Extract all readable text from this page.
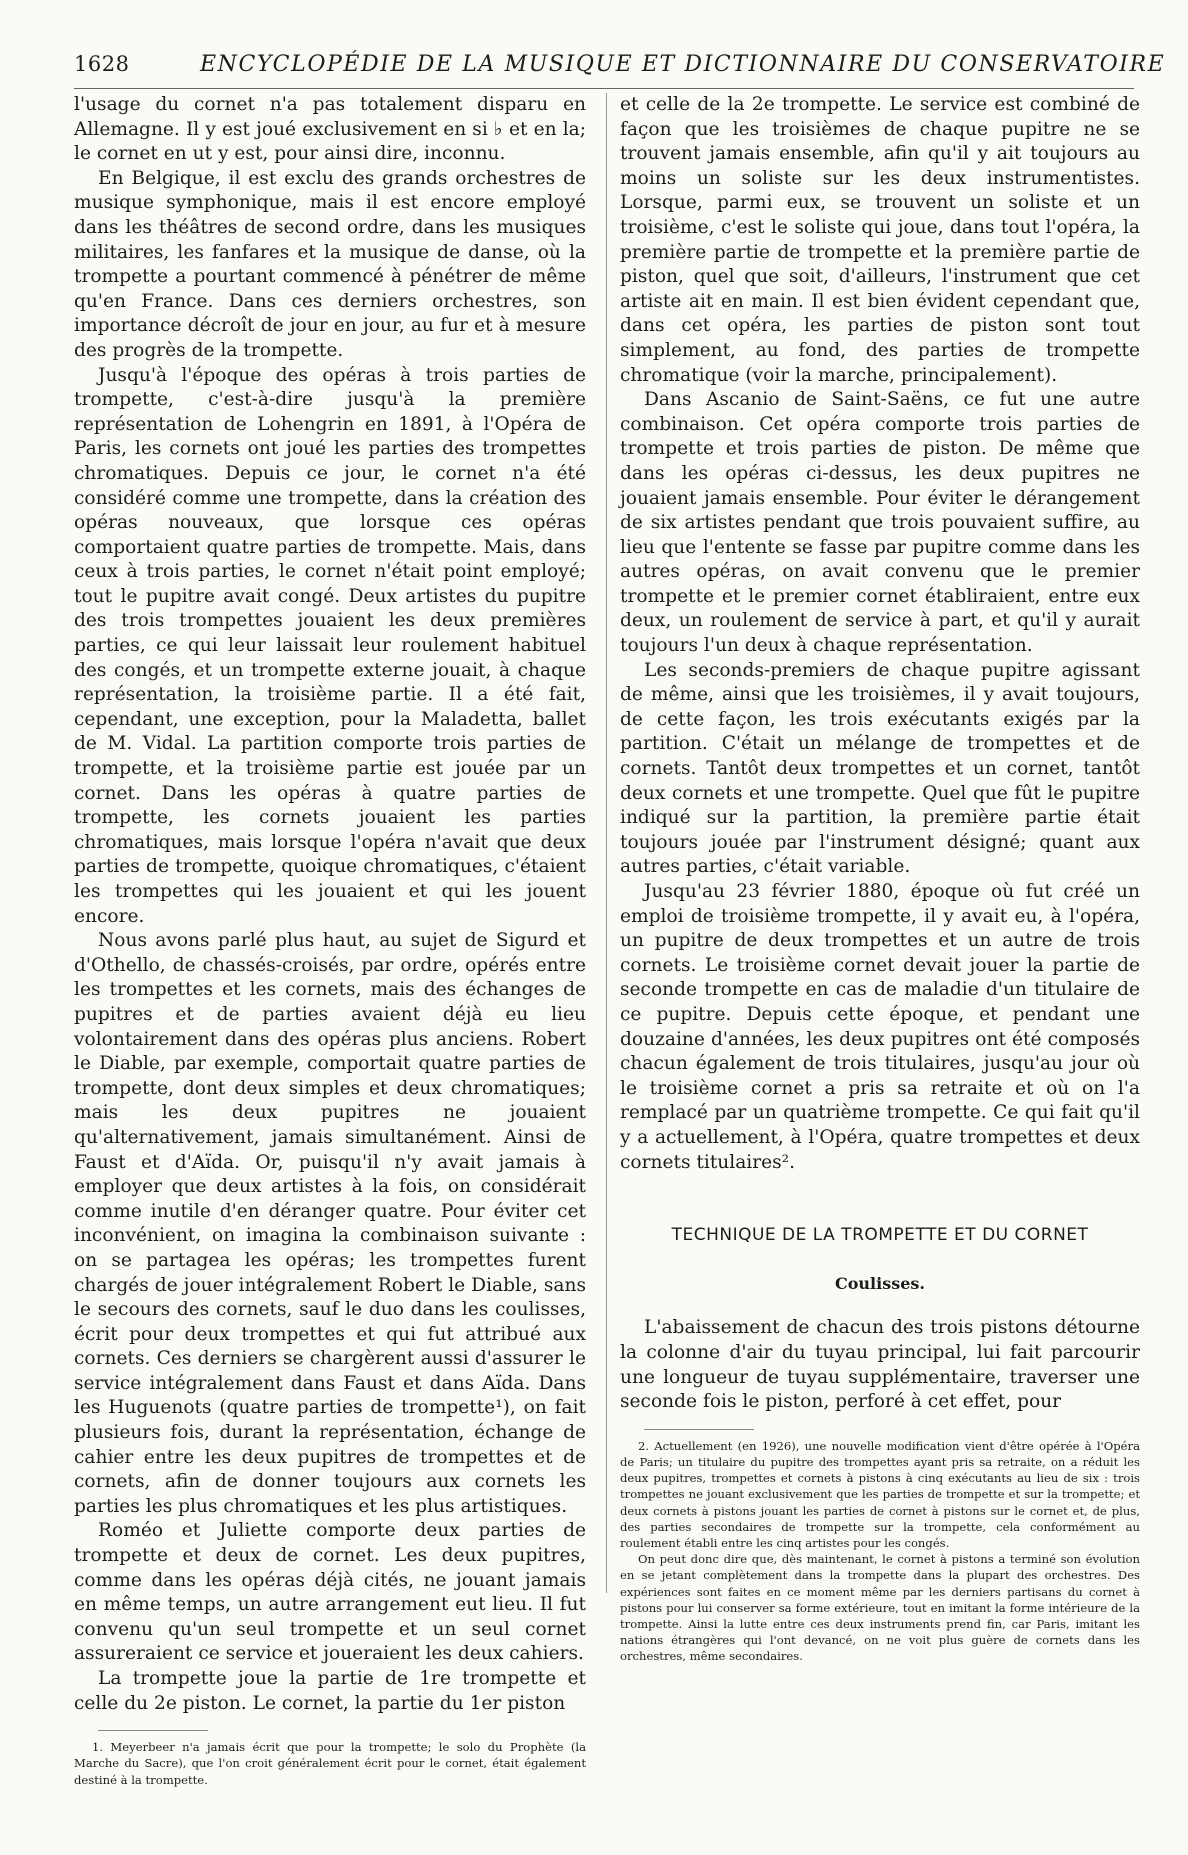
1628	ENCYCLOPÉDIE DE LA MUSIQUE ET DICTIONNAIRE DU CONSERVATOIRE

l'usage du cornet n'a pas totalement disparu en Allemagne. Il y est joué exclusivement en si ♭ et en la; le cornet en ut y est, pour ainsi dire, inconnu.

En Belgique, il est exclu des grands orchestres de musique symphonique, mais il est encore employé dans les théâtres de second ordre, dans les musiques militaires, les fanfares et la musique de danse, où la trompette a pourtant commencé à pénétrer de même qu'en France. Dans ces derniers orchestres, son importance décroît de jour en jour, au fur et à mesure des progrès de la trompette.

Jusqu'à l'époque des opéras à trois parties de trompette, c'est-à-dire jusqu'à la première représentation de Lohengrin en 1891, à l'Opéra de Paris, les cornets ont joué les parties des trompettes chromatiques. Depuis ce jour, le cornet n'a été considéré comme une trompette, dans la création des opéras nouveaux, que lorsque ces opéras comportaient quatre parties de trompette. Mais, dans ceux à trois parties, le cornet n'était point employé; tout le pupitre avait congé. Deux artistes du pupitre des trois trompettes jouaient les deux premières parties, ce qui leur laissait leur roulement habituel des congés, et un trompette externe jouait, à chaque représentation, la troisième partie. Il a été fait, cependant, une exception, pour la Maladetta, ballet de M. Vidal. La partition comporte trois parties de trompette, et la troisième partie est jouée par un cornet. Dans les opéras à quatre parties de trompette, les cornets jouaient les parties chromatiques, mais lorsque l'opéra n'avait que deux parties de trompette, quoique chromatiques, c'étaient les trompettes qui les jouaient et qui les jouent encore.

Nous avons parlé plus haut, au sujet de Sigurd et d'Othello, de chassés-croisés, par ordre, opérés entre les trompettes et les cornets, mais des échanges de pupitres et de parties avaient déjà eu lieu volontairement dans des opéras plus anciens. Robert le Diable, par exemple, comportait quatre parties de trompette, dont deux simples et deux chromatiques; mais les deux pupitres ne jouaient qu'alternativement, jamais simultanément. Ainsi de Faust et d'Aïda. Or, puisqu'il n'y avait jamais à employer que deux artistes à la fois, on considérait comme inutile d'en déranger quatre. Pour éviter cet inconvénient, on imagina la combinaison suivante : on se partagea les opéras; les trompettes furent chargés de jouer intégralement Robert le Diable, sans le secours des cornets, sauf le duo dans les coulisses, écrit pour deux trompettes et qui fut attribué aux cornets. Ces derniers se chargèrent aussi d'assurer le service intégralement dans Faust et dans Aïda. Dans les Huguenots (quatre parties de trompette¹), on fait plusieurs fois, durant la représentation, échange de cahier entre les deux pupitres de trompettes et de cornets, afin de donner toujours aux cornets les parties les plus chromatiques et les plus artistiques.

Roméo et Juliette comporte deux parties de trompette et deux de cornet. Les deux pupitres, comme dans les opéras déjà cités, ne jouant jamais en même temps, un autre arrangement eut lieu. Il fut convenu qu'un seul trompette et un seul cornet assureraient ce service et joueraient les deux cahiers.

La trompette joue la partie de 1re trompette et celle du 2e piston. Le cornet, la partie du 1er piston

1. Meyerbeer n'a jamais écrit que pour la trompette; le solo du Prophète (la Marche du Sacre), que l'on croit généralement écrit pour le cornet, était également destiné à la trompette.

et celle de la 2e trompette. Le service est combiné de façon que les troisièmes de chaque pupitre ne se trouvent jamais ensemble, afin qu'il y ait toujours au moins un soliste sur les deux instrumentistes. Lorsque, parmi eux, se trouvent un soliste et un troisième, c'est le soliste qui joue, dans tout l'opéra, la première partie de trompette et la première partie de piston, quel que soit, d'ailleurs, l'instrument que cet artiste ait en main. Il est bien évident cependant que, dans cet opéra, les parties de piston sont tout simplement, au fond, des parties de trompette chromatique (voir la marche, principalement).

Dans Ascanio de Saint-Saëns, ce fut une autre combinaison. Cet opéra comporte trois parties de trompette et trois parties de piston. De même que dans les opéras ci-dessus, les deux pupitres ne jouaient jamais ensemble. Pour éviter le dérangement de six artistes pendant que trois pouvaient suffire, au lieu que l'entente se fasse par pupitre comme dans les autres opéras, on avait convenu que le premier trompette et le premier cornet établiraient, entre eux deux, un roulement de service à part, et qu'il y aurait toujours l'un deux à chaque représentation.

Les seconds-premiers de chaque pupitre agissant de même, ainsi que les troisièmes, il y avait toujours, de cette façon, les trois exécutants exigés par la partition. C'était un mélange de trompettes et de cornets. Tantôt deux trompettes et un cornet, tantôt deux cornets et une trompette. Quel que fût le pupitre indiqué sur la partition, la première partie était toujours jouée par l'instrument désigné; quant aux autres parties, c'était variable.

Jusqu'au 23 février 1880, époque où fut créé un emploi de troisième trompette, il y avait eu, à l'opéra, un pupitre de deux trompettes et un autre de trois cornets. Le troisième cornet devait jouer la partie de seconde trompette en cas de maladie d'un titulaire de ce pupitre. Depuis cette époque, et pendant une douzaine d'années, les deux pupitres ont été composés chacun également de trois titulaires, jusqu'au jour où le troisième cornet a pris sa retraite et où on l'a remplacé par un quatrième trompette. Ce qui fait qu'il y a actuellement, à l'Opéra, quatre trompettes et deux cornets titulaires².

TECHNIQUE DE LA TROMPETTE ET DU CORNET

Coulisses.

L'abaissement de chacun des trois pistons détourne la colonne d'air du tuyau principal, lui fait parcourir une longueur de tuyau supplémentaire, traverser une seconde fois le piston, perforé à cet effet, pour

2. Actuellement (en 1926), une nouvelle modification vient d'être opérée à l'Opéra de Paris; un titulaire du pupitre des trompettes ayant pris sa retraite, on a réduit les deux pupitres, trompettes et cornets à pistons à cinq exécutants au lieu de six : trois trompettes ne jouant exclusivement que les parties de trompette et sur la trompette; et deux cornets à pistons jouant les parties de cornet à pistons sur le cornet et, de plus, des parties secondaires de trompette sur la trompette, cela conformément au roulement établi entre les cinq artistes pour les congés.

On peut donc dire que, dès maintenant, le cornet à pistons a terminé son évolution en se jetant complètement dans la trompette dans la plupart des orchestres. Des expériences sont faites en ce moment même par les derniers partisans du cornet à pistons pour lui conserver sa forme extérieure, tout en imitant la forme intérieure de la trompette. Ainsi la lutte entre ces deux instruments prend fin, car Paris, imitant les nations étrangères qui l'ont devancé, on ne voit plus guère de cornets dans les orchestres, même secondaires.
